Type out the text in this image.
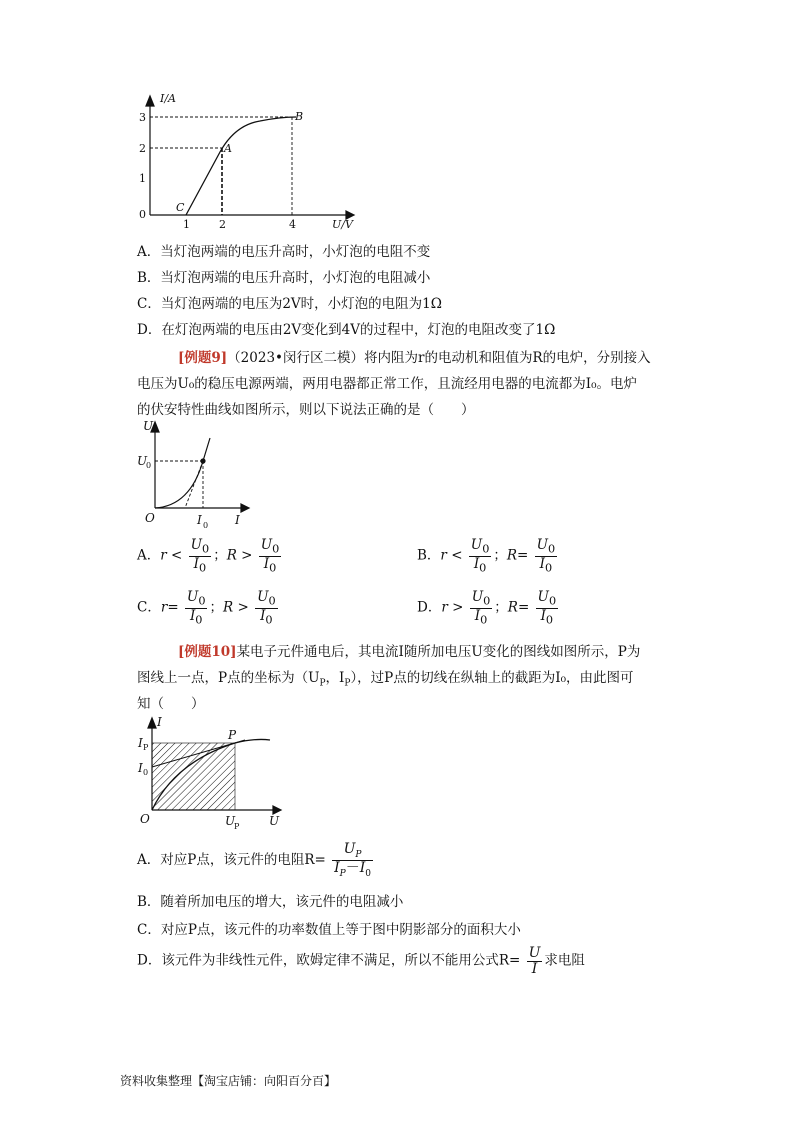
I/A
U/V
A
B
C
3
2
1
0
1	2	4
A．当灯泡两端的电压升高时，小灯泡的电阻不变
B．当灯泡两端的电压升高时，小灯泡的电阻减小
C．当灯泡两端的电压为2V时，小灯泡的电阻为1Ω
D．在灯泡两端的电压由2V变化到4V的过程中，灯泡的电阻改变了1Ω
[例题9]（2023•闵行区二模）将内阻为r的电动机和阻值为R的电炉，分别接入
电压为U₀的稳压电源两端，两用电器都正常工作，且流经用电器的电流都为I₀。电炉
的伏安特性曲线如图所示，则以下说法正确的是（　　）
U
I
O
U
I
0
0
A．$r < \frac{U_0}{I_0}$ ；$R > \frac{U_0}{I_0}$	B．$r < \frac{U_0}{I_0}$ ；$R= \frac{U_0}{I_0}$
C．$r= \frac{U_0}{I_0}$ ；$R > \frac{U_0}{I_0}$	D．$r > \frac{U_0}{I_0}$ ；$R= \frac{U_0}{I_0}$
[例题10]某电子元件通电后，其电流I随所加电压U变化的图线如图所示，P为
图线上一点，P点的坐标为（$U_P$，$I_P$），过P点的切线在纵轴上的截距为I₀，由此图可
知（　　）
I
U
O
P
I
I
U
P
0
P
A．对应P点，该元件的电阻$R= \frac{U_P}{I_P-I_0}$
B．随着所加电压的增大，该元件的电阻减小
C．对应P点，该元件的功率数值上等于图中阴影部分的面积大小
D．该元件为非线性元件，欧姆定律不满足，所以不能用公式$R= \frac{U}{I}$ 求电阻
资料收集整理【淘宝店铺：向阳百分百】
